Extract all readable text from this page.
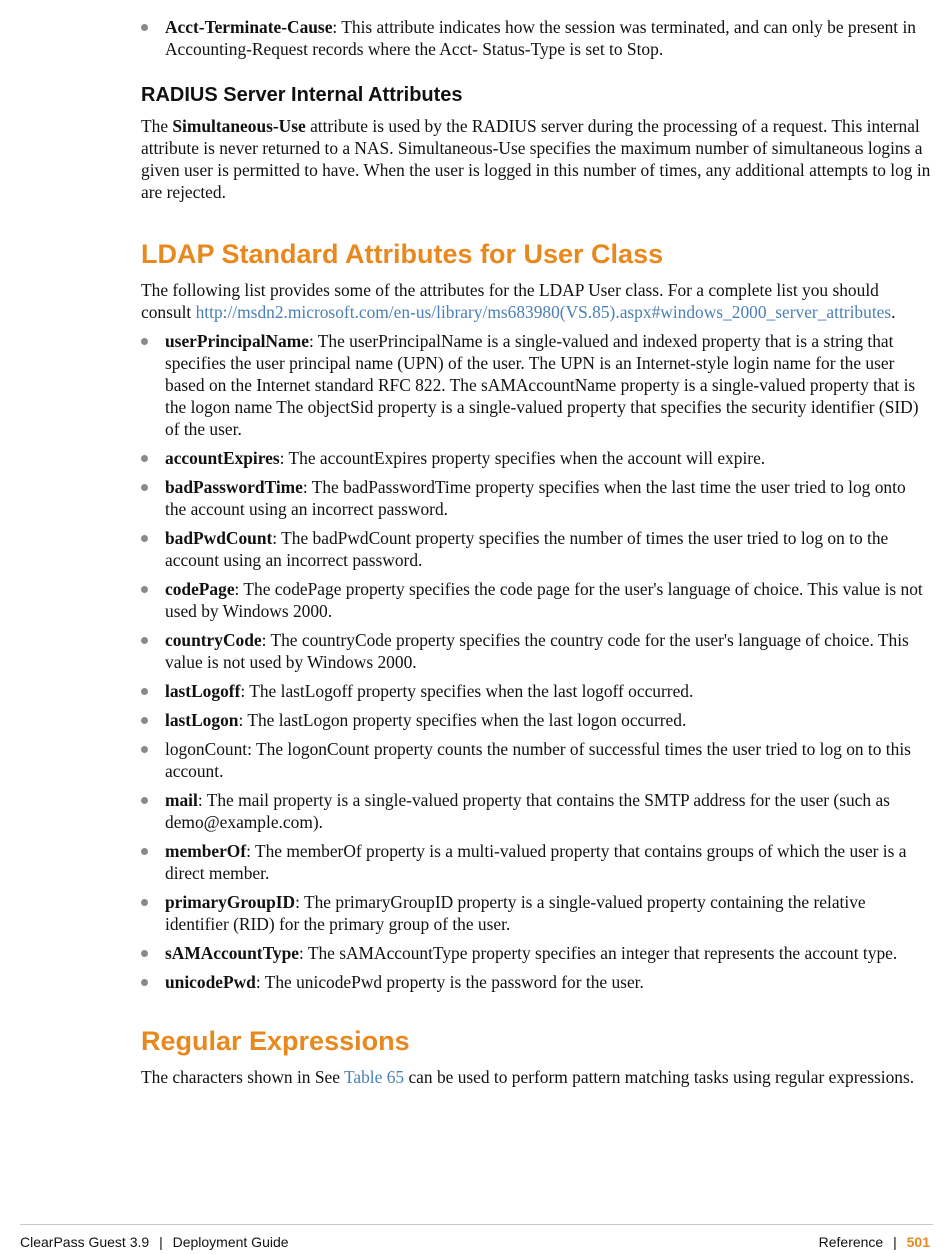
Acct-Terminate-Cause: This attribute indicates how the session was terminated, and can only be present in Accounting-Request records where the Acct- Status-Type is set to Stop.
RADIUS Server Internal Attributes

The Simultaneous-Use attribute is used by the RADIUS server during the processing of a request. This internal attribute is never returned to a NAS. Simultaneous-Use specifies the maximum number of simultaneous logins a given user is permitted to have. When the user is logged in this number of times, any additional attempts to log in are rejected.

LDAP Standard Attributes for User Class

The following list provides some of the attributes for the LDAP User class. For a complete list you should consult http://msdn2.microsoft.com/en-us/library/ms683980(VS.85).aspx#windows_2000_server_attributes.

userPrincipalName: The userPrincipalName is a single-valued and indexed property that is a string that specifies the user principal name (UPN) of the user. The UPN is an Internet-style login name for the user based on the Internet standard RFC 822. The sAMAccountName property is a single-valued property that is the logon name The objectSid property is a single-valued property that specifies the security identifier (SID) of the user.
accountExpires: The accountExpires property specifies when the account will expire.
badPasswordTime: The badPasswordTime property specifies when the last time the user tried to log onto the account using an incorrect password.
badPwdCount: The badPwdCount property specifies the number of times the user tried to log on to the account using an incorrect password.
codePage: The codePage property specifies the code page for the user's language of choice. This value is not used by Windows 2000.
countryCode: The countryCode property specifies the country code for the user's language of choice. This value is not used by Windows 2000.
lastLogoff: The lastLogoff property specifies when the last logoff occurred.
lastLogon: The lastLogon property specifies when the last logon occurred.
logonCount: The logonCount property counts the number of successful times the user tried to log on to this account.
mail: The mail property is a single-valued property that contains the SMTP address for the user (such as demo@example.com).
memberOf: The memberOf property is a multi-valued property that contains groups of which the user is a direct member.
primaryGroupID: The primaryGroupID property is a single-valued property containing the relative identifier (RID) for the primary group of the user.
sAMAccountType: The sAMAccountType property specifies an integer that represents the account type.
unicodePwd: The unicodePwd property is the password for the user.
Regular Expressions

The characters shown in See Table 65 can be used to perform pattern matching tasks using regular expressions.

ClearPass Guest 3.9 | Deployment Guide	Reference | 501
